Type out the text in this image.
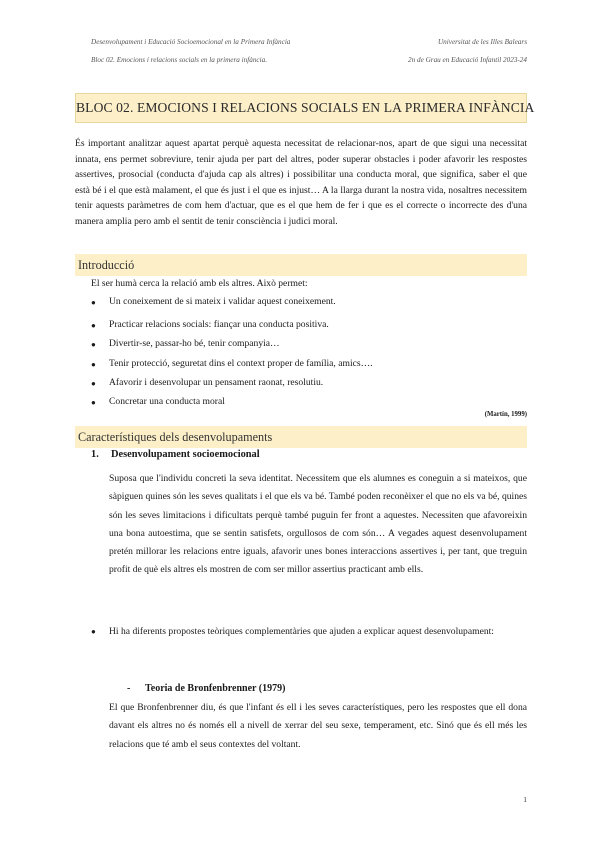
Desenvolupament i Educació Socioemocional en la Primera Infància	Universitat de les Illes Balears
Bloc 02. Emocions i relacions socials en la primera infància.	2n de Grau en Educació Infantil 2023-24
BLOC 02. EMOCIONS I RELACIONS SOCIALS EN LA PRIMERA INFÀNCIA
És important analitzar aquest apartat perquè aquesta necessitat de relacionar-nos, apart de que sigui una necessitat innata, ens permet sobreviure, tenir ajuda per part del altres, poder superar obstacles i poder afavorir les respostes assertives, prosocial (conducta d'ajuda cap als altres) i possibilitar una conducta moral, que significa, saber el que està bé i el que està malament, el que és just i el que es injust… A la llarga durant la nostra vida, nosaltres necessitem tenir aquests paràmetres de com hem d'actuar, que es el que hem de fer i que es el correcte o incorrecte des d'una manera amplia pero amb el sentit de tenir consciència i judici moral.
Introducció
El ser humà cerca la relació amb els altres. Això permet:
● Un coneixement de si mateix i validar aquest coneixement.
● Practicar relacions socials: fiançar una conducta positiva.
● Divertir-se, passar-ho bé, tenir companyia…
● Tenir protecció, seguretat dins el context proper de família, amics….
● Afavorir i desenvolupar un pensament raonat, resolutiu.
● Concretar una conducta moral
(Martín, 1999)
Característiques dels desenvolupaments
1. Desenvolupament socioemocional
Suposa que l'individu concreti la seva identitat. Necessitem que els alumnes es coneguin a si mateixos, que sàpiguen quines són les seves qualitats i el que els va bé. També poden reconèixer el que no els va bé, quines són les seves limitacions i dificultats perquè també puguin fer front a aquestes. Necessiten que afavoreixin una bona autoestima, que se sentin satisfets, orgullosos de com són… A vegades aquest desenvolupament pretén millorar les relacions entre iguals, afavorir unes bones interaccions assertives i, per tant, que treguin profit de què els altres els mostren de com ser millor assertius practicant amb ells.
● Hi ha diferents propostes teòriques complementàries que ajuden a explicar aquest desenvolupament:
- Teoria de Bronfenbrenner (1979)
El que Bronfenbrenner diu, és que l'infant és ell i les seves característiques, pero les respostes que ell dona davant els altres no és només ell a nivell de xerrar del seu sexe, temperament, etc. Sinó que és ell més les relacions que té amb el seus contextes del voltant.
1
